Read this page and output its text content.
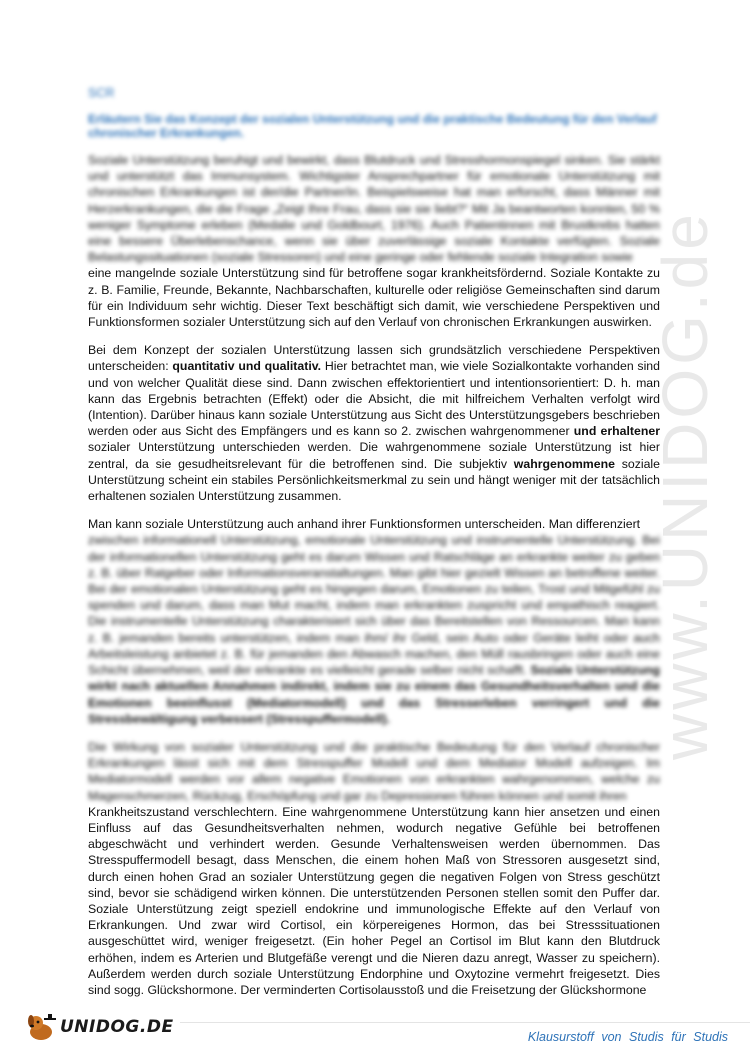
www.UNIDOG.de
SCR
Erläutern Sie das Konzept der sozialen Unterstützung und die praktische Bedeutung für den Verlauf chronischer Erkrankungen.

Soziale Unterstützung beruhigt und bewirkt, dass Blutdruck und Stresshormonspiegel sinken. Sie stärkt und unterstützt das Immunsystem. Wichtigster Ansprechpartner für emotionale Unterstützung mit chronischen Erkrankungen ist der/die Partner/in. Beispielsweise hat man erforscht, dass Männer mit Herzerkrankungen, die die Frage „Zeigt Ihre Frau, dass sie sie liebt?“ Mit Ja beantworten konnten, 50 % weniger Symptome erleben (Medalie und Goldbourt, 1976). Auch Patientinnen mit Brustkrebs hatten eine bessere Überlebenschance, wenn sie über zuverlässige soziale Kontakte verfügten. Soziale Belastungssituationen (soziale Stressoren) und eine geringe oder fehlende soziale Integration sowie
eine mangelnde soziale Unterstützung sind für betroffene sogar krankheitsfördernd. Soziale Kontakte zu z. B. Familie, Freunde, Bekannte, Nachbarschaften, kulturelle oder religiöse Gemeinschaften sind darum für ein Individuum sehr wichtig. Dieser Text beschäftigt sich damit, wie verschiedene Perspektiven und Funktionsformen sozialer Unterstützung sich auf den Verlauf von chronischen Erkrankungen auswirken.

Bei dem Konzept der sozialen Unterstützung lassen sich grundsätzlich verschiedene Perspektiven unterscheiden: quantitativ und qualitativ. Hier betrachtet man, wie viele Sozialkontakte vorhanden sind und von welcher Qualität diese sind. Dann zwischen effektorientiert und intentionsorientiert: D. h. man kann das Ergebnis betrachten (Effekt) oder die Absicht, die mit hilfreichem Verhalten verfolgt wird (Intention). Darüber hinaus kann soziale Unterstützung aus Sicht des Unterstützungsgebers beschrieben werden oder aus Sicht des Empfängers und es kann so 2. zwischen wahrgenommener und erhaltener sozialer Unterstützung unterschieden werden. Die wahrgenommene soziale Unterstützung ist hier zentral, da sie gesudheitsrelevant für die betroffenen sind. Die subjektiv wahrgenommene soziale Unterstützung scheint ein stabiles Persönlichkeitsmerkmal zu sein und hängt weniger mit der tatsächlich erhaltenen sozialen Unterstützung zusammen.

Man kann soziale Unterstützung auch anhand ihrer Funktionsformen unterscheiden. Man differenziert
zwischen informationell Unterstützung, emotionale Unterstützung und instrumentelle Unterstützung. Bei der informationellen Unterstützung geht es darum Wissen und Ratschläge an erkrankte weiter zu geben z. B. über Ratgeber oder Informationsveranstaltungen. Man gibt hier gezielt Wissen an betroffene weiter. Bei der emotionalen Unterstützung geht es hingegen darum, Emotionen zu teilen, Trost und Mitgefühl zu spenden und darum, dass man Mut macht, indem man erkrankten zuspricht und empathisch reagiert. Die instrumentelle Unterstützung charakterisiert sich über das Bereitstellen von Ressourcen. Man kann z. B. jemanden bereits unterstützen, indem man ihm/ ihr Geld, sein Auto oder Geräte leiht oder auch Arbeitsleistung anbietet z. B. für jemanden den Abwasch machen, den Müll rausbringen oder auch eine Schicht übernehmen, weil der erkrankte es vielleicht gerade selber nicht schafft. Soziale Unterstützung wirkt nach aktuellen Annahmen indirekt, indem sie zu einem das Gesundheitsverhalten und die Emotionen beeinflusst (Mediatormodell) und das Stresserleben verringert und die Stressbewältigung verbessert (Stresspuffermodell).

Die Wirkung von sozialer Unterstützung und die praktische Bedeutung für den Verlauf chronischer Erkrankungen lässt sich mit dem Stresspuffer Modell und dem Mediator Modell aufzeigen. Im Mediatormodell werden vor allem negative Emotionen von erkrankten wahrgenommen, welche zu Magenschmerzen, Rückzug, Erschöpfung und gar zu Depressionen führen können und somit ihren
Krankheitszustand verschlechtern. Eine wahrgenommene Unterstützung kann hier ansetzen und einen Einfluss auf das Gesundheitsverhalten nehmen, wodurch negative Gefühle bei betroffenen abgeschwächt und verhindert werden. Gesunde Verhaltensweisen werden übernommen. Das Stresspuffermodell besagt, dass Menschen, die einem hohen Maß von Stressoren ausgesetzt sind, durch einen hohen Grad an sozialer Unterstützung gegen die negativen Folgen von Stress geschützt sind, bevor sie schädigend wirken können. Die unterstützenden Personen stellen somit den Puffer dar. Soziale Unterstützung zeigt speziell endokrine und immunologische Effekte auf den Verlauf von Erkrankungen. Und zwar wird Cortisol, ein körpereigenes Hormon, das bei Stresssituationen ausgeschüttet wird, weniger freigesetzt. (Ein hoher Pegel an Cortisol im Blut kann den Blutdruck erhöhen, indem es Arterien und Blutgefäße verengt und die Nieren dazu anregt, Wasser zu speichern). Außerdem werden durch soziale Unterstützung Endorphine und Oxytozine vermehrt freigesetzt. Dies sind sogg. Glückshormone. Der verminderten Cortisolausstoß und die Freisetzung der Glückshormone

UNIDOG.DE	Klausurstoff von Studis für Studis
